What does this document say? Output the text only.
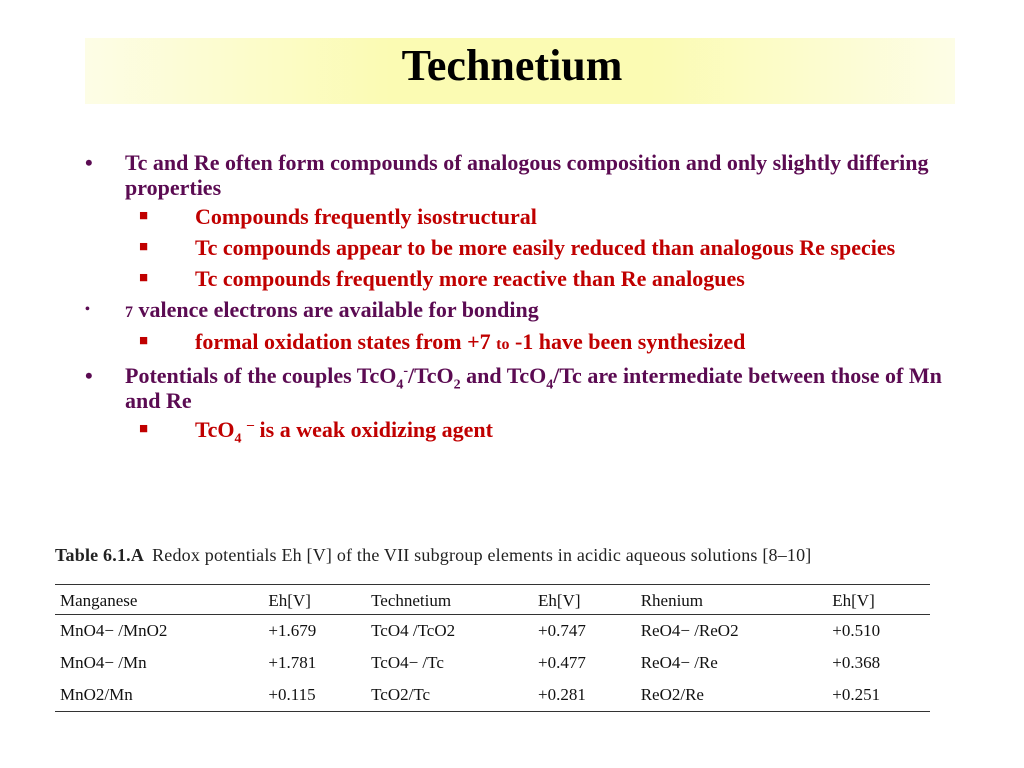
Technetium
• Tc and Re often form compounds of analogous composition and only slightly differing properties
■ Compounds frequently isostructural
■ Tc compounds appear to be more easily reduced than analogous Re species
■ Tc compounds frequently more reactive than Re analogues
• 7 valence electrons are available for bonding
■ formal oxidation states from +7 to -1 have been synthesized
• Potentials of the couples TcO$_4$-/TcO$_2$ and TcO$_4$/Tc are intermediate between those of Mn and Re
■ TcO$_4$ – is a weak oxidizing agent
Table 6.1.A Redox potentials Eh [V] of the VII subgroup elements in acidic aqueous solutions [8–10]
Manganese	Eh[V]	Technetium	Eh[V]	Rhenium	Eh[V]
MnO4− /MnO2	+1.679	TcO4 /TcO2	+0.747	ReO4− /ReO2	+0.510
MnO4− /Mn	+1.781	TcO4− /Tc	+0.477	ReO4− /Re	+0.368
MnO2/Mn	+0.115	TcO2/Tc	+0.281	ReO2/Re	+0.251
